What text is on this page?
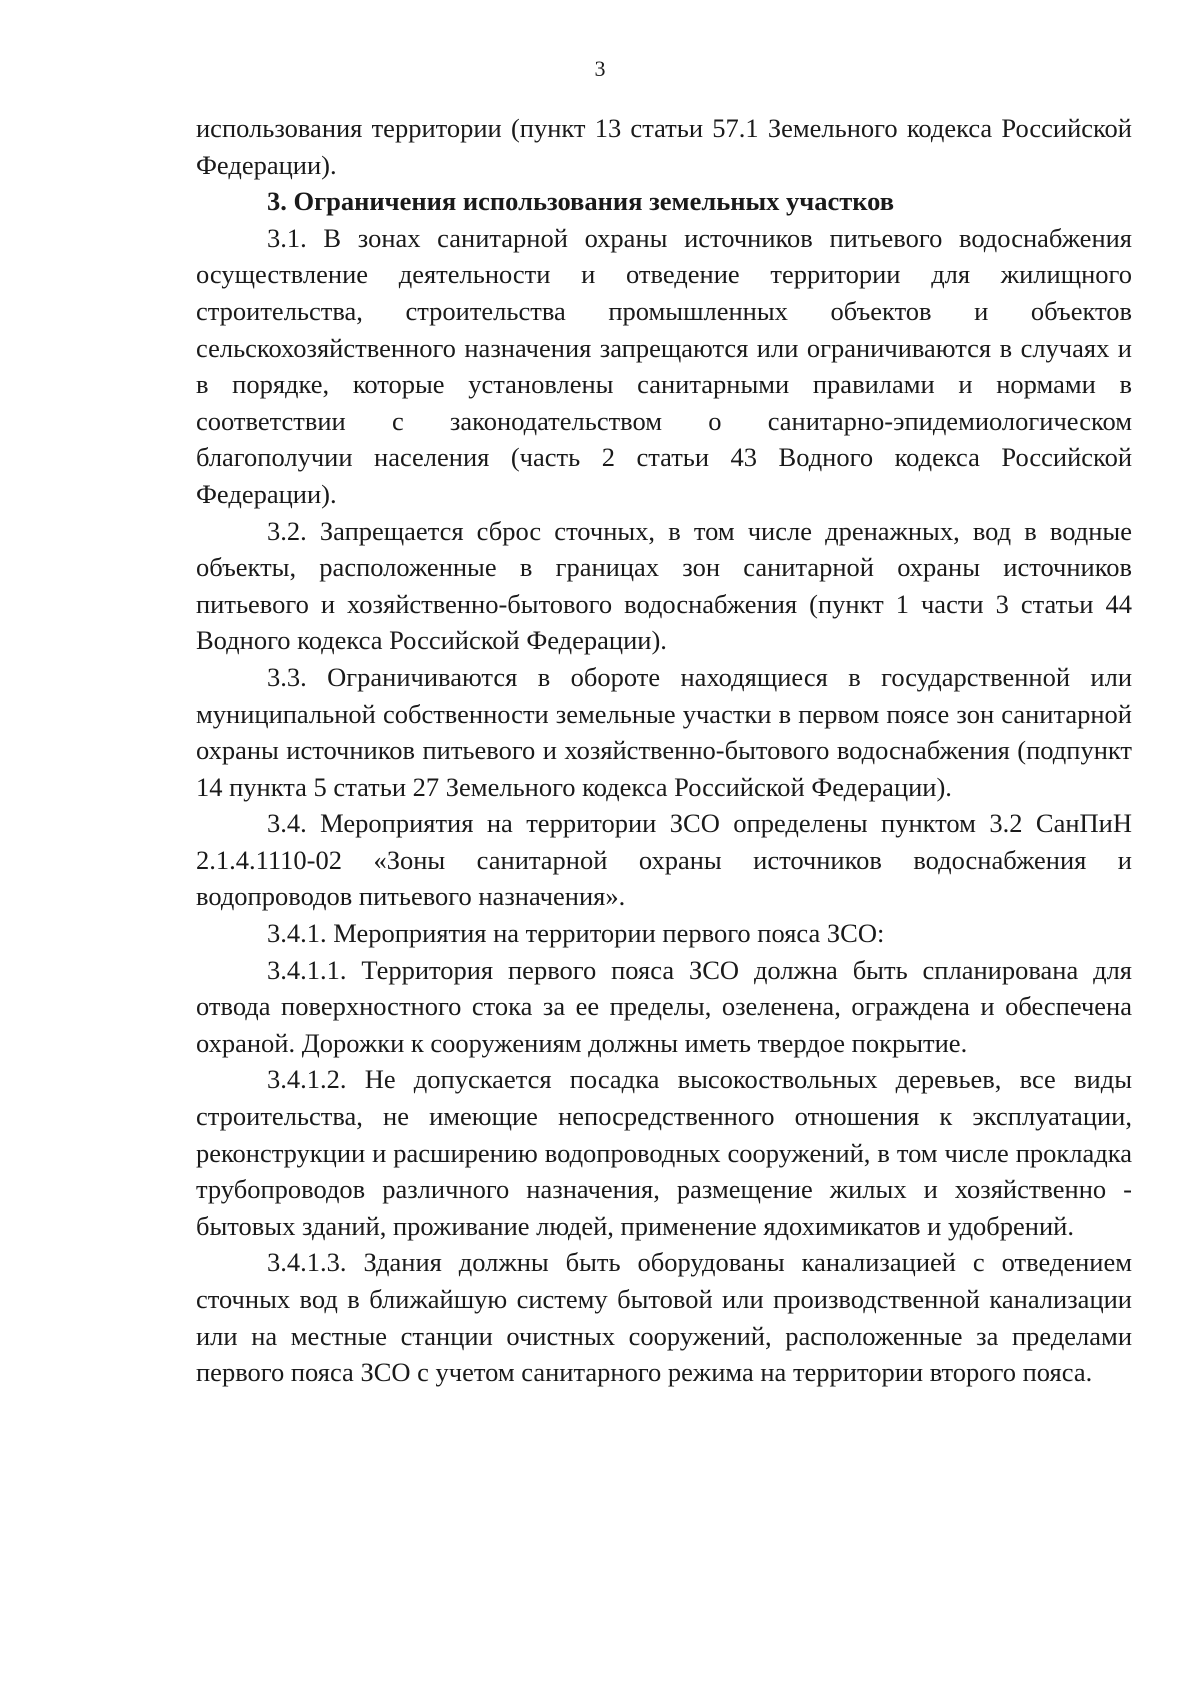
3

использования территории (пункт 13 статьи 57.1 Земельного кодекса Российской Федерации).

3. Ограничения использования земельных участков

3.1. В зонах санитарной охраны источников питьевого водоснабжения осуществление деятельности и отведение территории для жилищного строительства, строительства промышленных объектов и объектов сельскохозяйственного назначения запрещаются или ограничиваются в случаях и в порядке, которые установлены санитарными правилами и нормами в соответствии с законодательством о санитарно-эпидемиологическом благополучии населения (часть 2 статьи 43 Водного кодекса Российской Федерации).

3.2. Запрещается сброс сточных, в том числе дренажных, вод в водные объекты, расположенные в границах зон санитарной охраны источников питьевого и хозяйственно-бытового водоснабжения (пункт 1 части 3 статьи 44 Водного кодекса Российской Федерации).

3.3. Ограничиваются в обороте находящиеся в государственной или муниципальной собственности земельные участки в первом поясе зон санитарной охраны источников питьевого и хозяйственно-бытового водоснабжения (подпункт 14 пункта 5 статьи 27 Земельного кодекса Российской Федерации).

3.4. Мероприятия на территории ЗСО определены пунктом 3.2 СанПиН 2.1.4.1110-02 «Зоны санитарной охраны источников водоснабжения и водопроводов питьевого назначения».

3.4.1. Мероприятия на территории первого пояса ЗСО:

3.4.1.1. Территория первого пояса ЗСО должна быть спланирована для отвода поверхностного стока за ее пределы, озеленена, ограждена и обеспечена охраной. Дорожки к сооружениям должны иметь твердое покрытие.

3.4.1.2. Не допускается посадка высокоствольных деревьев, все виды строительства, не имеющие непосредственного отношения к эксплуатации, реконструкции и расширению водопроводных сооружений, в том числе прокладка трубопроводов различного назначения, размещение жилых и хозяйственно - бытовых зданий, проживание людей, применение ядохимикатов и удобрений.

3.4.1.3. Здания должны быть оборудованы канализацией с отведением сточных вод в ближайшую систему бытовой или производственной канализации или на местные станции очистных сооружений, расположенные за пределами первого пояса ЗСО с учетом санитарного режима на территории второго пояса.
